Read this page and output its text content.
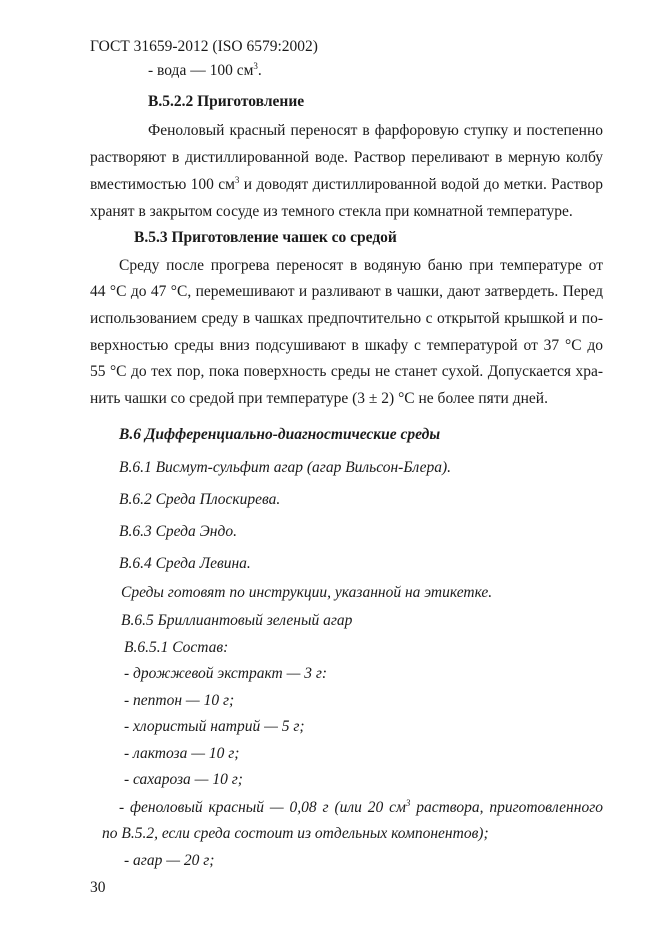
ГОСТ 31659-2012 (ISO 6579:2002)
- вода — 100 $см^3$.
В.5.2.2 Приготовление
Феноловый красный переносят в фарфоровую ступку и постепенно
растворяют в дистиллированной воде. Раствор переливают в мерную колбу
вместимостью 100 $см^3$ и доводят дистиллированной водой до метки. Раствор
хранят в закрытом сосуде из темного стекла при комнатной температуре.
В.5.3 Приготовление чашек со средой
Среду после прогрева переносят в водяную баню при температуре от
44 °С до 47 °С, перемешивают и разливают в чашки, дают затвердеть. Перед
использованием среду в чашках предпочтительно с открытой крышкой и по-
верхностью среды вниз подсушивают в шкафу с температурой от 37 °С до
55 °С до тех пор, пока поверхность среды не станет сухой. Допускается хра-
нить чашки со средой при температуре (3 ± 2) °С не более пяти дней.
В.6 Дифференциально-диагностические среды
В.6.1 Висмут-сульфит агар (агар Вильсон-Блера).
В.6.2 Среда Плоскирева.
В.6.3 Среда Эндо.
В.6.4 Среда Левина.
Среды готовят по инструкции, указанной на этикетке.
В.6.5 Бриллиантовый зеленый агар
В.6.5.1 Состав:
- дрожжевой экстракт — 3 г:
- пептон — 10 г;
- хлористый натрий — 5 г;
- лактоза — 10 г;
- сахароза — 10 г;
- феноловый красный — 0,08 г (или 20 $см^3$ раствора, приготовленного
по В.5.2, если среда состоит из отдельных компонентов);
- агар — 20 г;
30
